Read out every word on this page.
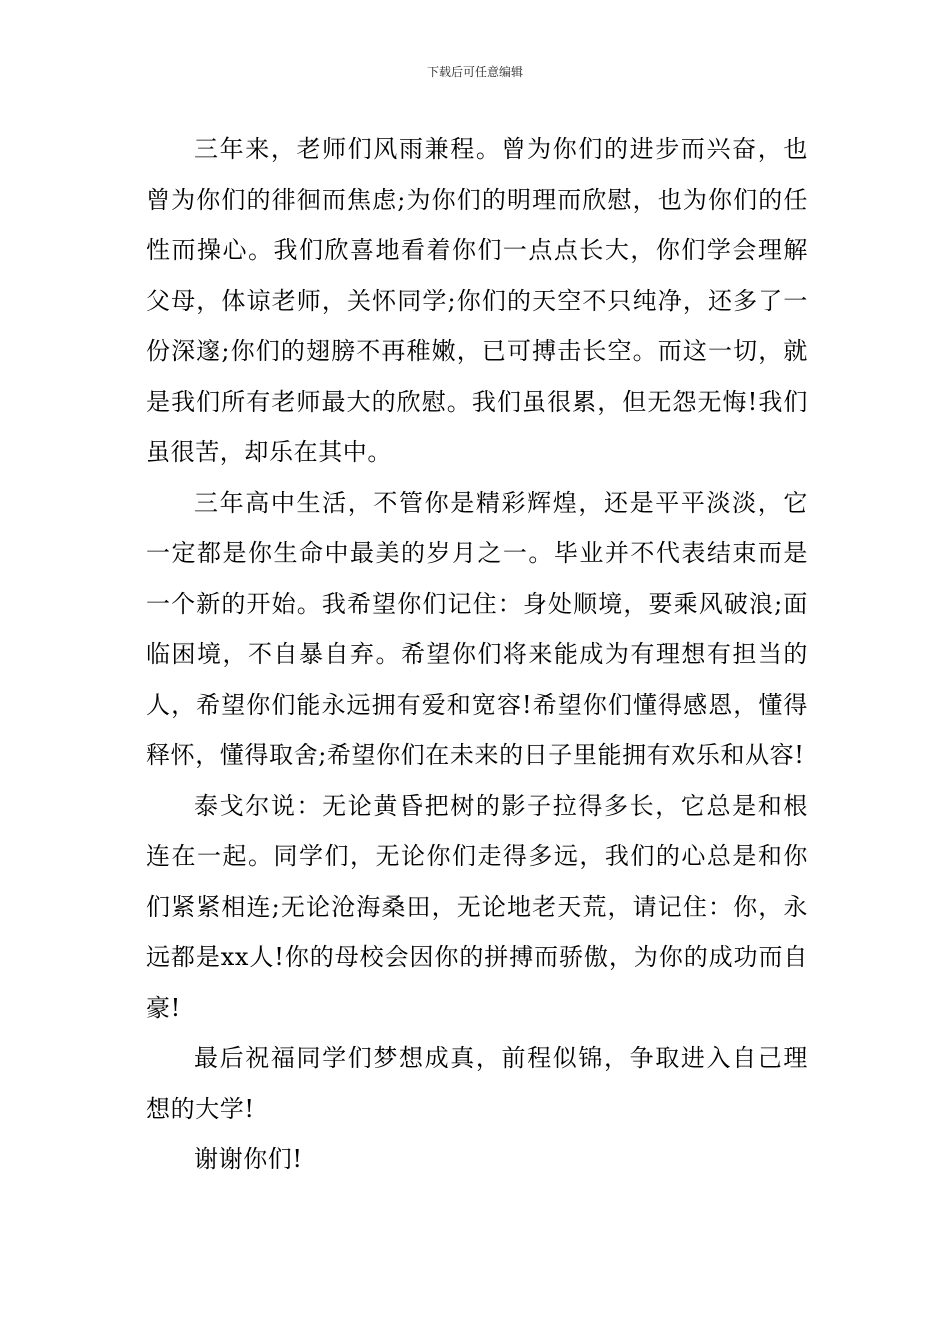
下载后可任意编辑

三年来，老师们风雨兼程。曾为你们的进步而兴奋，也曾为你们的徘徊而焦虑;为你们的明理而欣慰，也为你们的任性而操心。我们欣喜地看着你们一点点长大，你们学会理解父母，体谅老师，关怀同学;你们的天空不只纯净，还多了一份深邃;你们的翅膀不再稚嫩，已可搏击长空。而这一切，就是我们所有老师最大的欣慰。我们虽很累，但无怨无悔!我们虽很苦，却乐在其中。

三年高中生活，不管你是精彩辉煌，还是平平淡淡，它一定都是你生命中最美的岁月之一。毕业并不代表结束而是一个新的开始。我希望你们记住：身处顺境，要乘风破浪;面临困境，不自暴自弃。希望你们将来能成为有理想有担当的人，希望你们能永远拥有爱和宽容!希望你们懂得感恩，懂得释怀，懂得取舍;希望你们在未来的日子里能拥有欢乐和从容!

泰戈尔说：无论黄昏把树的影子拉得多长，它总是和根连在一起。同学们，无论你们走得多远，我们的心总是和你们紧紧相连;无论沧海桑田，无论地老天荒，请记住：你，永远都是xx人!你的母校会因你的拼搏而骄傲，为你的成功而自豪!

最后祝福同学们梦想成真，前程似锦，争取进入自己理想的大学!

谢谢你们!
